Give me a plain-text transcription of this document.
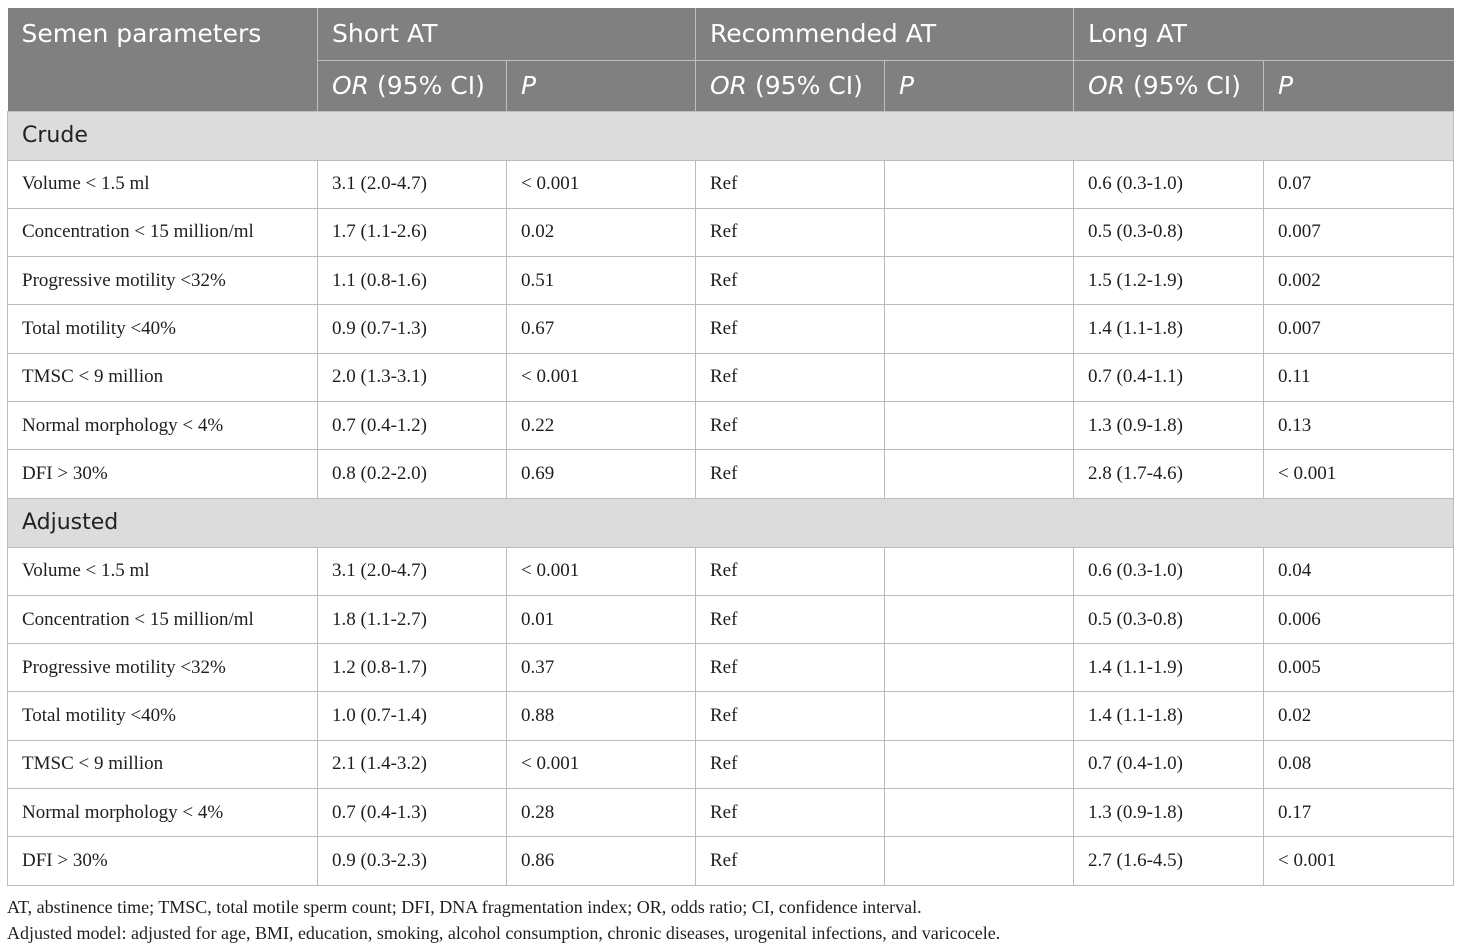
Semen parameters	Short AT		Recommended AT		Long AT	
	OR (95% CI)	P	OR (95% CI)	P	OR (95% CI)	P
Crude						
Volume < 1.5 ml	3.1 (2.0-4.7)	< 0.001	Ref		0.6 (0.3-1.0)	0.07
Concentration < 15 million/ml	1.7 (1.1-2.6)	0.02	Ref		0.5 (0.3-0.8)	0.007
Progressive motility <32%	1.1 (0.8-1.6)	0.51	Ref		1.5 (1.2-1.9)	0.002
Total motility <40%	0.9 (0.7-1.3)	0.67	Ref		1.4 (1.1-1.8)	0.007
TMSC < 9 million	2.0 (1.3-3.1)	< 0.001	Ref		0.7 (0.4-1.1)	0.11
Normal morphology < 4%	0.7 (0.4-1.2)	0.22	Ref		1.3 (0.9-1.8)	0.13
DFI > 30%	0.8 (0.2-2.0)	0.69	Ref		2.8 (1.7-4.6)	< 0.001
Adjusted						
Volume < 1.5 ml	3.1 (2.0-4.7)	< 0.001	Ref		0.6 (0.3-1.0)	0.04
Concentration < 15 million/ml	1.8 (1.1-2.7)	0.01	Ref		0.5 (0.3-0.8)	0.006
Progressive motility <32%	1.2 (0.8-1.7)	0.37	Ref		1.4 (1.1-1.9)	0.005
Total motility <40%	1.0 (0.7-1.4)	0.88	Ref		1.4 (1.1-1.8)	0.02
TMSC < 9 million	2.1 (1.4-3.2)	< 0.001	Ref		0.7 (0.4-1.0)	0.08
Normal morphology < 4%	0.7 (0.4-1.3)	0.28	Ref		1.3 (0.9-1.8)	0.17
DFI > 30%	0.9 (0.3-2.3)	0.86	Ref		2.7 (1.6-4.5)	< 0.001
AT, abstinence time; TMSC, total motile sperm count; DFI, DNA fragmentation index; OR, odds ratio; CI, confidence interval.
Adjusted model: adjusted for age, BMI, education, smoking, alcohol consumption, chronic diseases, urogenital infections, and varicocele.
